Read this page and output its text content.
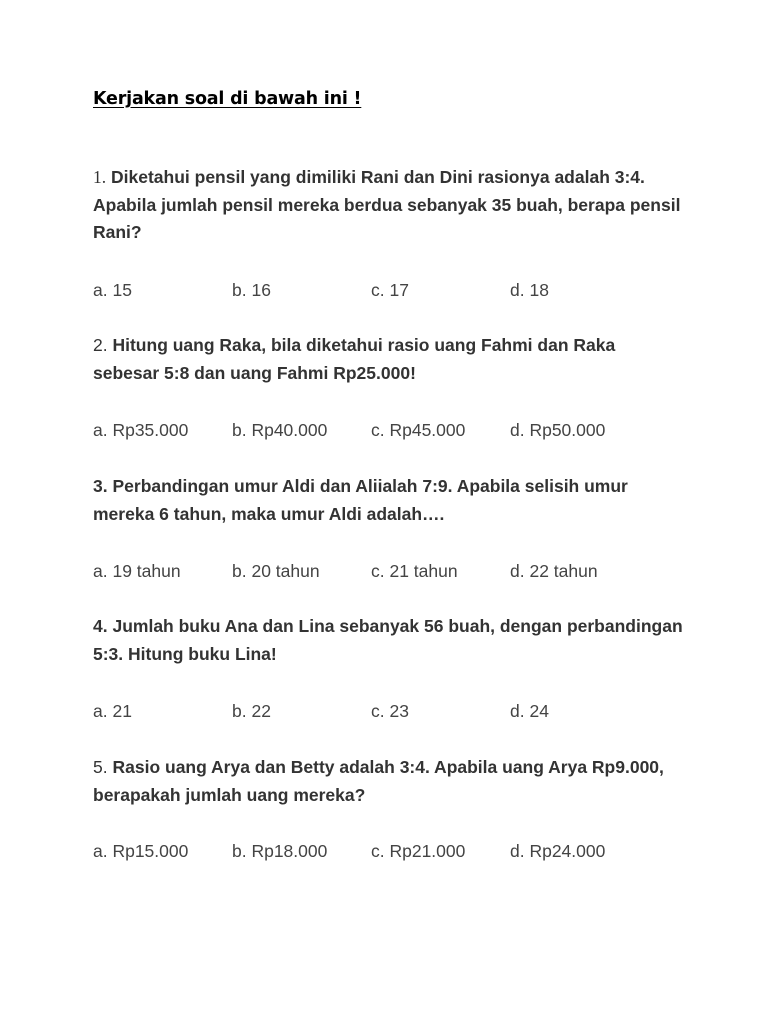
Kerjakan soal di bawah ini !

1. Diketahui pensil yang dimiliki Rani dan Dini rasionya adalah 3:4. Apabila jumlah pensil mereka berdua sebanyak 35 buah, berapa pensil Rani?

a. 15	b. 16	c. 17	d. 18

2. Hitung uang Raka, bila diketahui rasio uang Fahmi dan Raka sebesar 5:8 dan uang Fahmi Rp25.000!

a. Rp35.000 b. Rp40.000 c. Rp45.000	d. Rp50.000

3. Perbandingan umur Aldi dan Aliialah 7:9. Apabila selisih umur mereka 6 tahun, maka umur Aldi adalah….

a. 19 tahun	b. 20 tahun	c. 21 tahun	d. 22 tahun

4. Jumlah buku Ana dan Lina sebanyak 56 buah, dengan perbandingan 5:3. Hitung buku Lina!

a. 21	b. 22	c. 23	d. 24

5. Rasio uang Arya dan Betty adalah 3:4. Apabila uang Arya Rp9.000, berapakah jumlah uang mereka?

a. Rp15.000 b. Rp18.000 c. Rp21.000	d. Rp24.000
